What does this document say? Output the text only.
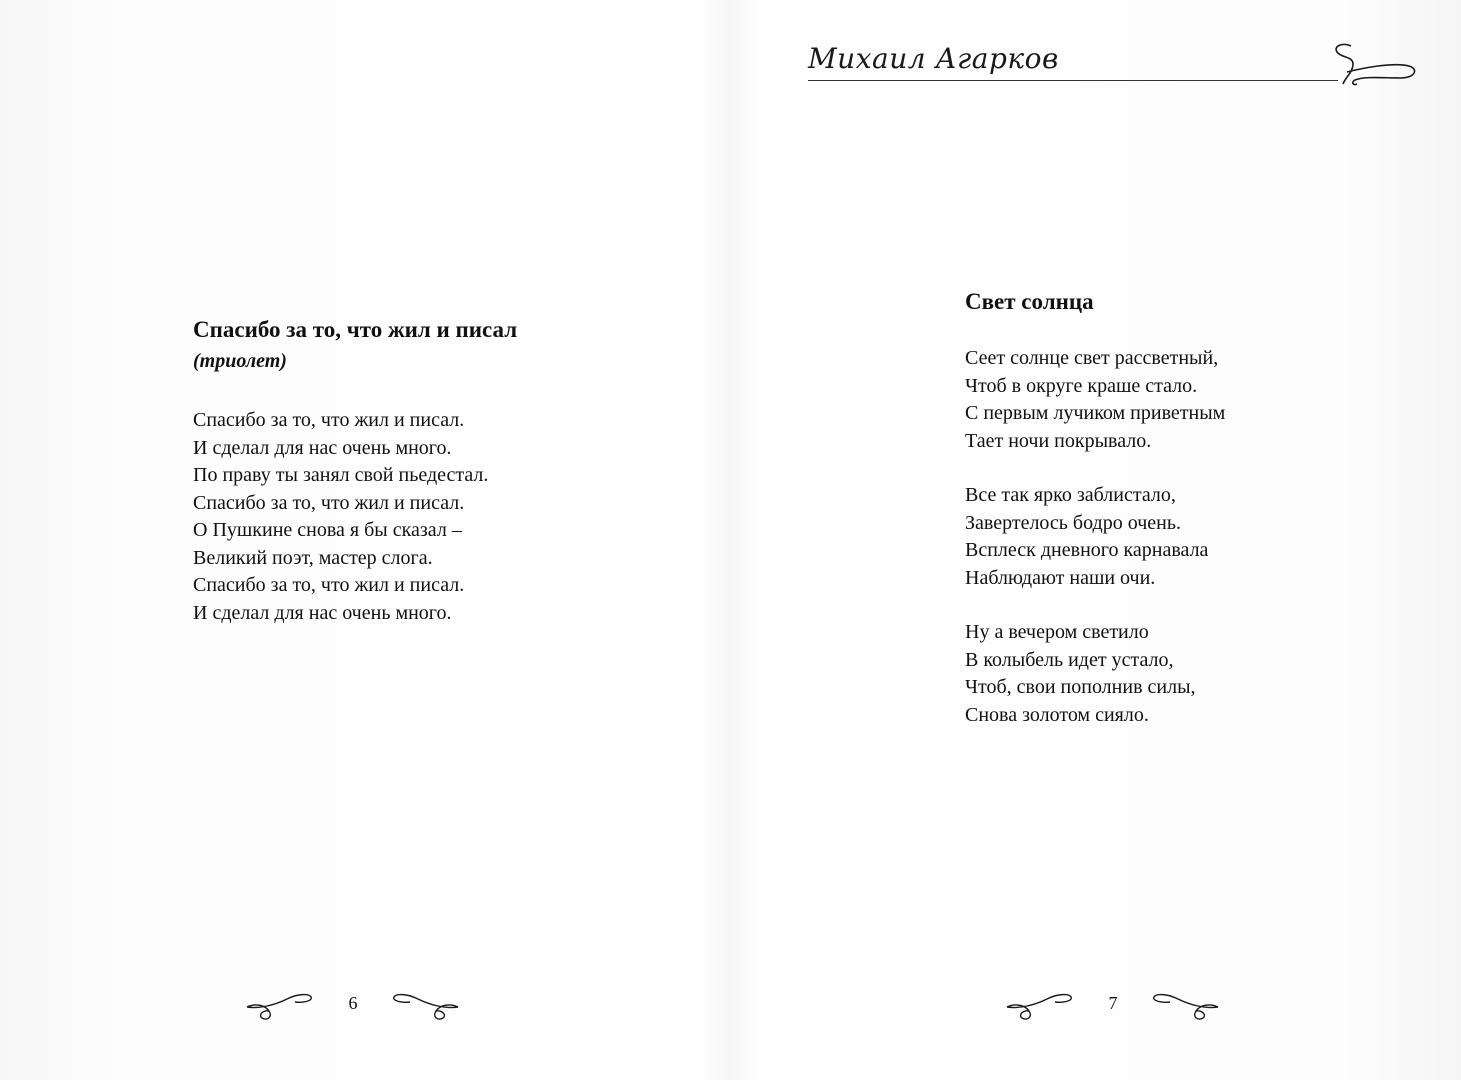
Спасибо за то, что жил и писал

(триолет)

Спасибо за то, что жил и писал.
И сделал для нас очень много.
По праву ты занял свой пьедестал.
Спасибо за то, что жил и писал.
О Пушкине снова я бы сказал –
Великий поэт, мастер слога.
Спасибо за то, что жил и писал.
И сделал для нас очень много.
6
Михаил Агарков
Свет солнца
Сеет солнце свет рассветный,
Чтоб в округе краше стало.
С первым лучиком приветным
Тает ночи покрывало.
Все так ярко заблистало,
Завертелось бодро очень.
Всплеск дневного карнавала
Наблюдают наши очи.
Ну а вечером светило
В колыбель идет устало,
Чтоб, свои пополнив силы,
Снова золотом сияло.
7
